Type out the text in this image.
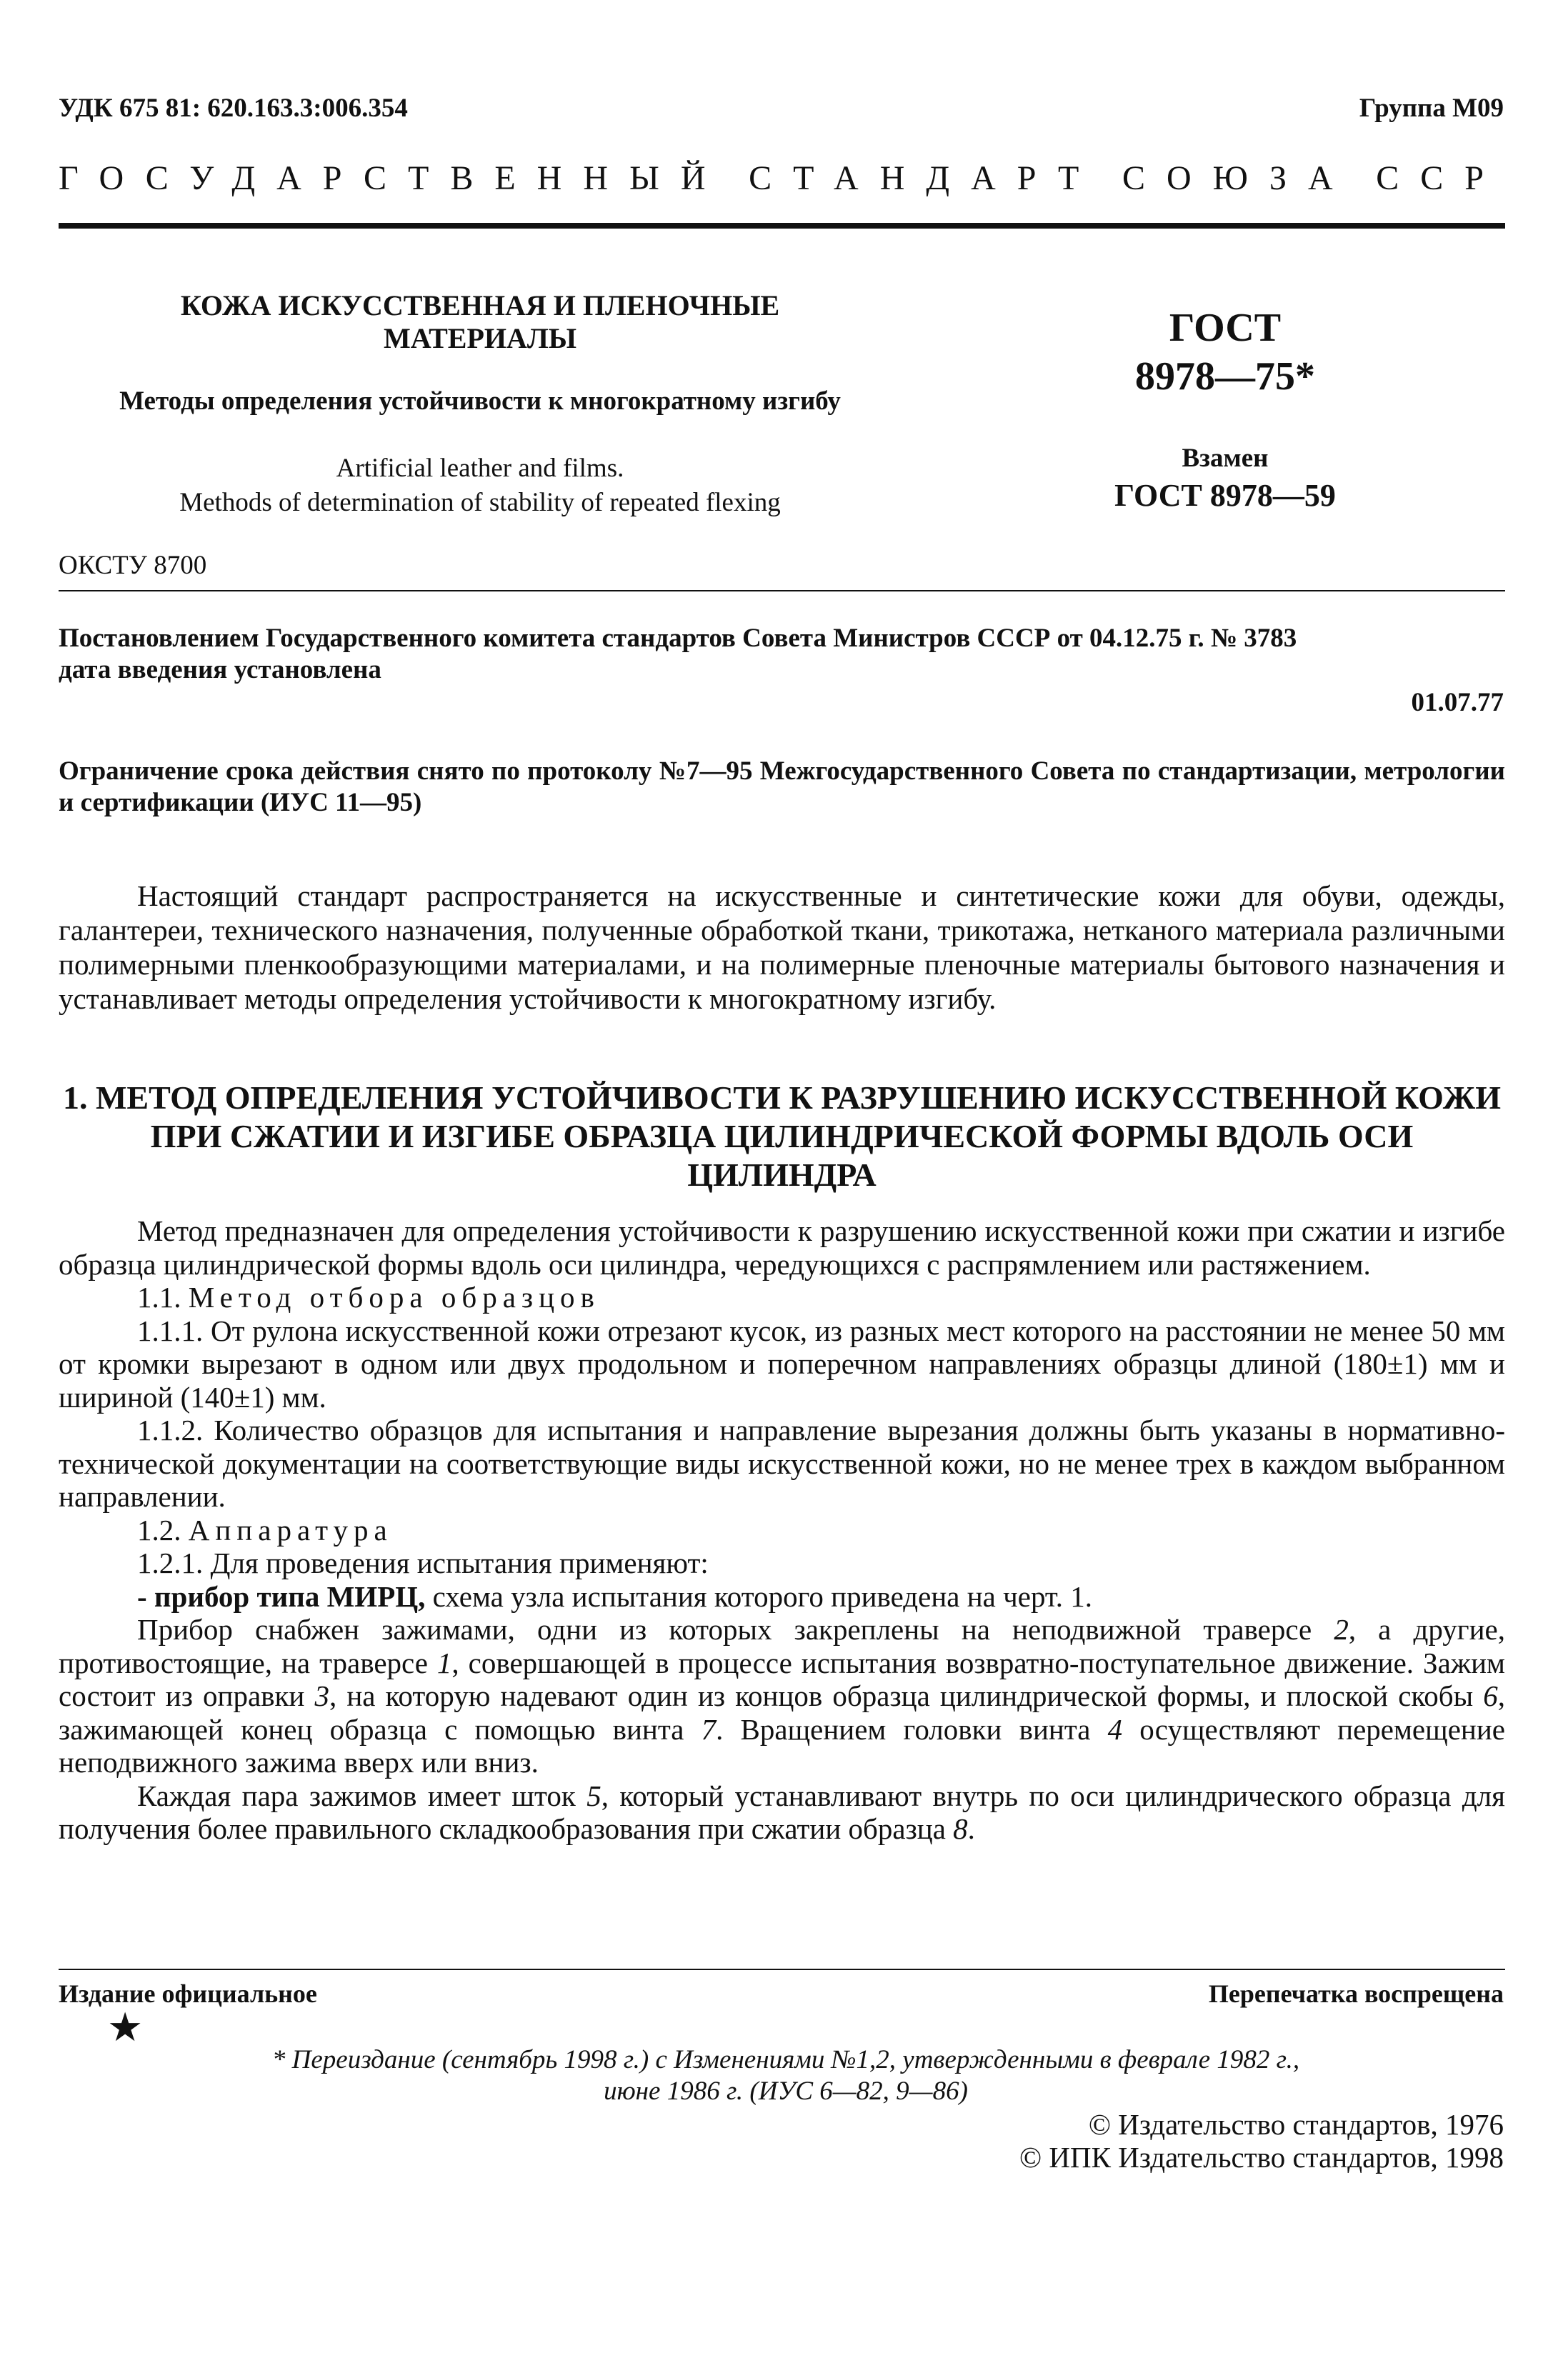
УДК 675 81: 620.163.3:006.354	Группа М09
ГОСУДАРСТВЕННЫЙ СТАНДАРТ СОЮЗА ССР
КОЖА ИСКУССТВЕННАЯ И ПЛЕНОЧНЫЕ
МАТЕРИАЛЫ
Методы определения устойчивости к многократному изгибу
Artificial leather and films.
Methods of determination of stability of repeated flexing
ГОСТ
8978—75*
Взамен
ГОСТ 8978—59
ОКСТУ 8700
Постановлением Государственного комитета стандартов Совета Министров СССР от 04.12.75 г. № 3783
дата введения установлена
01.07.77
Ограничение срока действия снято по протоколу №7—95 Межгосударственного Совета по стандартизации, метрологии и сертификации (ИУС 11—95)
Настоящий стандарт распространяется на искусственные и синтетические кожи для обуви, одежды, галантереи, технического назначения, полученные обработкой ткани, трикотажа, нетканого материала различными полимерными пленкообразующими материалами, и на полимерные пленочные материалы бытового назначения и устанавливает методы определения устойчивости к многократному изгибу.
1. МЕТОД ОПРЕДЕЛЕНИЯ УСТОЙЧИВОСТИ К РАЗРУШЕНИЮ ИСКУССТВЕННОЙ КОЖИ
ПРИ СЖАТИИ И ИЗГИБЕ ОБРАЗЦА ЦИЛИНДРИЧЕСКОЙ ФОРМЫ ВДОЛЬ ОСИ
ЦИЛИНДРА

Метод предназначен для определения устойчивости к разрушению искусственной кожи при сжатии и изгибе образца цилиндрической формы вдоль оси цилиндра, чередующихся с распрямлением или растяжением.

1.1. Метод отбора образцов

1.1.1. От рулона искусственной кожи отрезают кусок, из разных мест которого на расстоянии не менее 50 мм от кромки вырезают в одном или двух продольном и поперечном направлениях образцы длиной (180±1) мм и шириной (140±1) мм.

1.1.2. Количество образцов для испытания и направление вырезания должны быть указаны в нормативно-технической документации на соответствующие виды искусственной кожи, но не менее трех в каждом выбранном направлении.

1.2. Аппаратура

1.2.1. Для проведения испытания применяют:

- прибор типа МИРЦ, схема узла испытания которого приведена на черт. 1.

Прибор снабжен зажимами, одни из которых закреплены на неподвижной траверсе 2, а другие, противостоящие, на траверсе 1, совершающей в процессе испытания возвратно-поступательное движение. Зажим состоит из оправки 3, на которую надевают один из концов образца цилиндрической формы, и плоской скобы 6, зажимающей конец образца с помощью винта 7. Вращением головки винта 4 осуществляют перемещение неподвижного зажима вверх или вниз.

Каждая пара зажимов имеет шток 5, который устанавливают внутрь по оси цилиндрического образца для получения более правильного складкообразования при сжатии образца 8.

Издание официальное	Перепечатка воспрещена
★
* Переиздание (сентябрь 1998 г.) с Изменениями №1,2, утвержденными в феврале 1982 г.,
июне 1986 г. (ИУС 6—82, 9—86)
© Издательство стандартов, 1976
© ИПК Издательство стандартов, 1998
